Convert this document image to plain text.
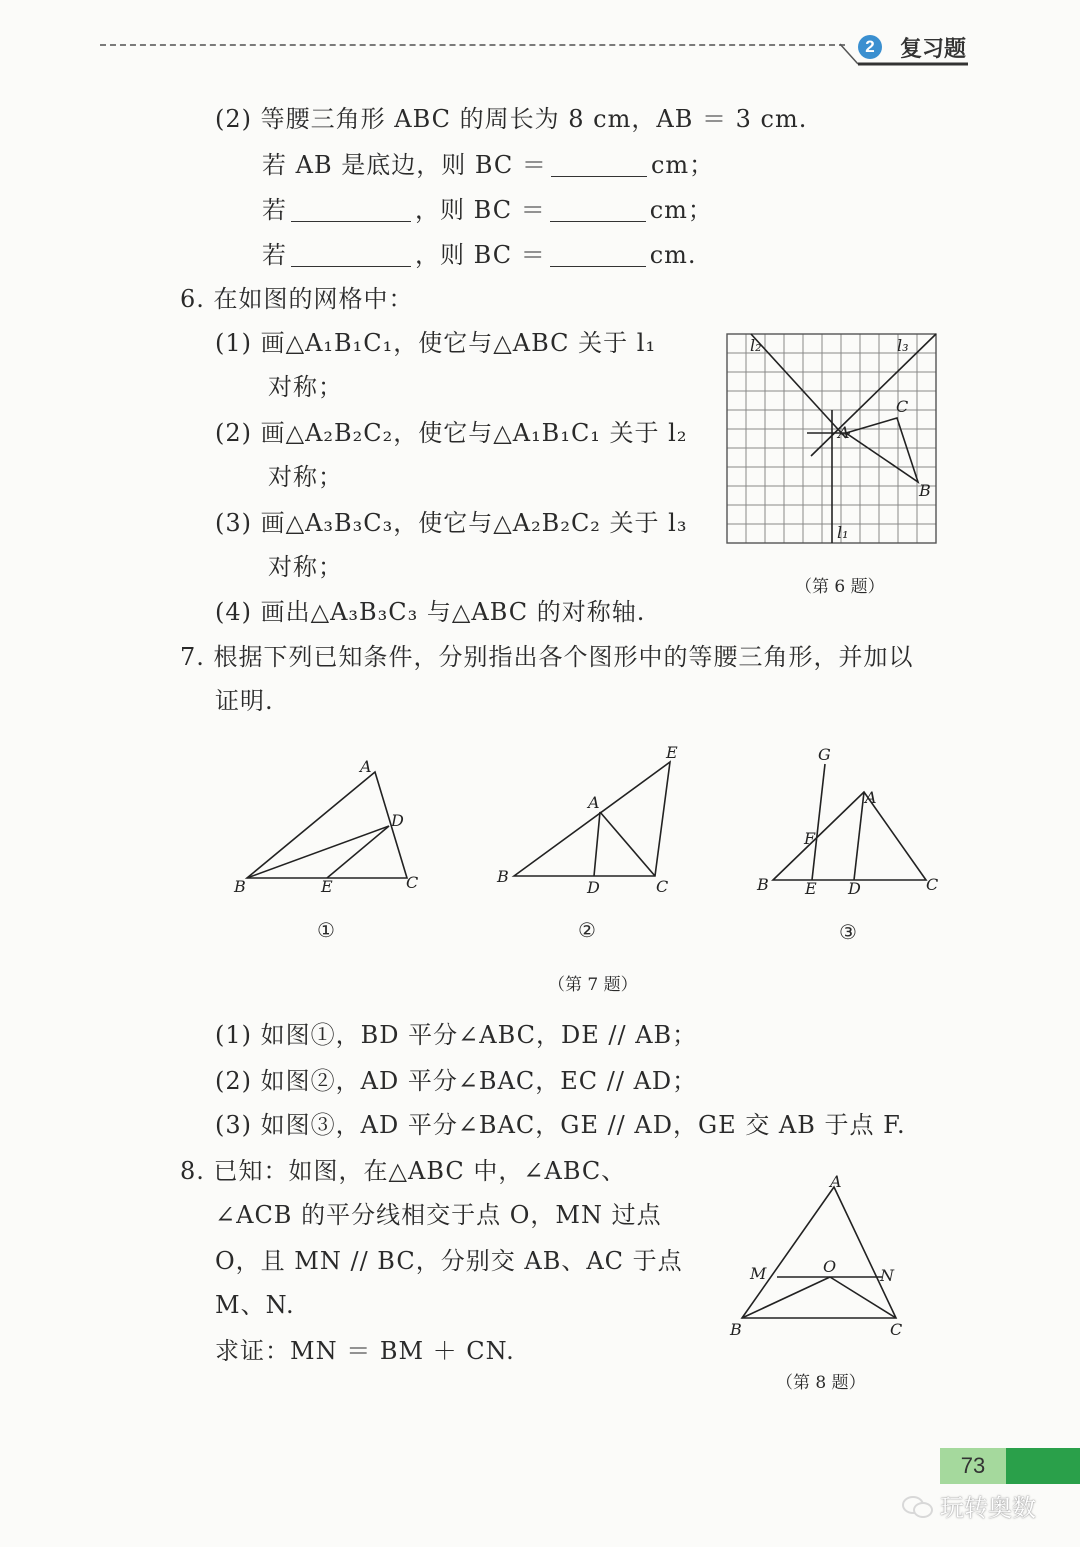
2	复习题
(2) 等腰三角形 ABC 的周长为 8 cm，AB ＝ 3 cm.
若 AB 是底边，则 BC ＝	cm；
若	，则 BC ＝	cm；
若	，则 BC ＝	cm.
6. 在如图的网格中：
(1) 画△A₁B₁C₁，使它与△ABC 关于 l₁
对称；
(2) 画△A₂B₂C₂，使它与△A₁B₁C₁ 关于 l₂
对称；
(3) 画△A₃B₃C₃，使它与△A₂B₂C₂ 关于 l₃
对称；
(4) 画出△A₃B₃C₃ 与△ABC 的对称轴.
l₂	l₃
l₁
A
C
B
（第 6 题）
7. 根据下列已知条件，分别指出各个图形中的等腰三角形，并加以
证明.
A
B	C
D
E
①
A
B
C
D
E
②
G
A
F
B E D	C
③
（第 7 题）
(1) 如图①，BD 平分∠ABC，DE // AB；
(2) 如图②，AD 平分∠BAC，EC // AD；
(3) 如图③，AD 平分∠BAC，GE // AD，GE 交 AB 于点 F.
8. 已知：如图，在△ABC 中，∠ABC、
∠ACB 的平分线相交于点 O，MN 过点
O，且 MN // BC，分别交 AB、AC 于点
M、N.
求证：MN ＝ BM ＋ CN.
A
M	O	N
B	C
（第 8 题）
73
玩转奥数
